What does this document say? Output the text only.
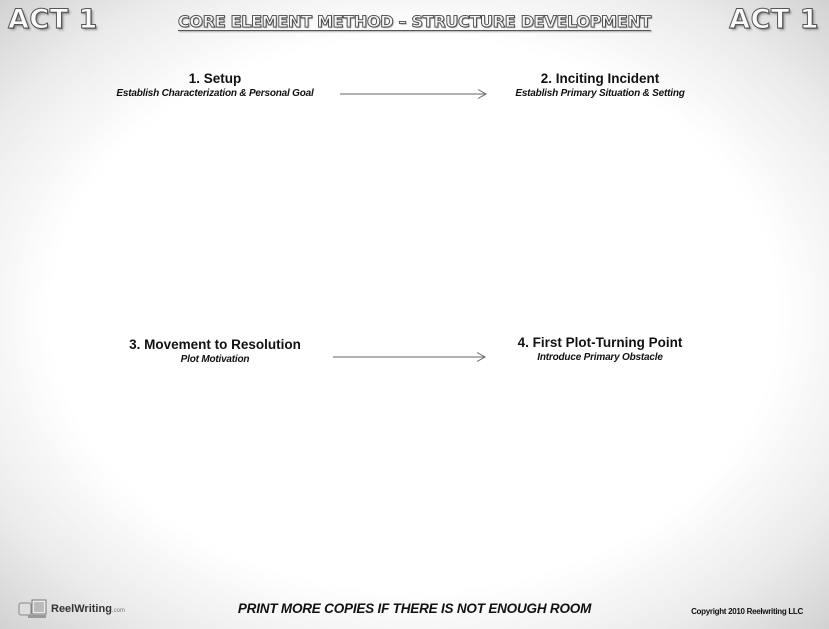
ACT 1	CORE ELEMENT METHOD – STRUCTURE DEVELOPMENT	ACT 1
1. Setup
Establish Characterization & Personal Goal
2. Inciting Incident
Establish Primary Situation & Setting
3. Movement to Resolution
Plot Motivation
4. First Plot-Turning Point
Introduce Primary Obstacle
ReelWriting.com	PRINT MORE COPIES IF THERE IS NOT ENOUGH ROOM	Copyright 2010 Reelwriting LLC
